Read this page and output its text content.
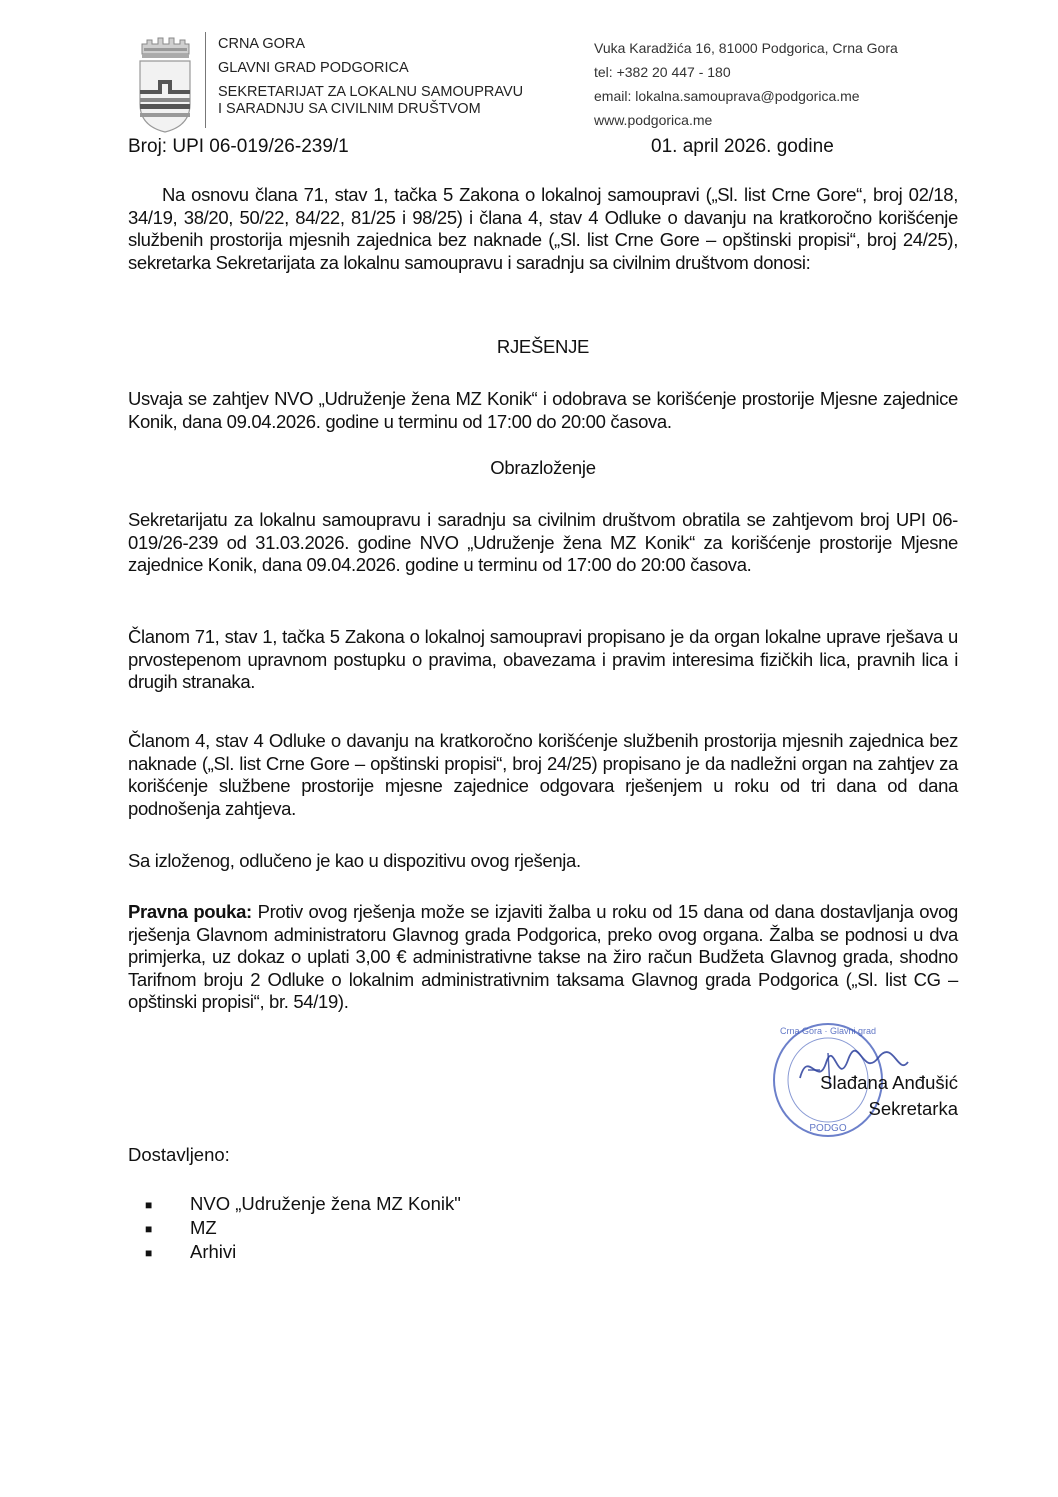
CRNA GORA
GLAVNI GRAD PODGORICA
SEKRETARIJAT ZA LOKALNU SAMOUPRAVU
I SARADNJU SA CIVILNIM DRUŠTVOM
Vuka Karadžića 16, 81000 Podgorica, Crna Gora
tel: +382 20 447 - 180
email: lokalna.samouprava@podgorica.me
www.podgorica.me
Broj: UPI 06-019/26-239/1	01. april 2026. godine
Na osnovu člana 71, stav 1, tačka 5 Zakona o lokalnoj samoupravi („Sl. list Crne Gore“, broj 02/18, 34/19, 38/20, 50/22, 84/22, 81/25 i 98/25) i člana 4, stav 4 Odluke o davanju na kratkoročno korišćenje službenih prostorija mjesnih zajednica bez naknade („Sl. list Crne Gore – opštinski propisi“, broj 24/25), sekretarka Sekretarijata za lokalnu samoupravu i saradnju sa civilnim društvom donosi:
RJEŠENJE
Usvaja se zahtjev NVO „Udruženje žena MZ Konik“ i odobrava se korišćenje prostorije Mjesne zajednice Konik, dana 09.04.2026. godine u terminu od 17:00 do 20:00 časova.
Obrazloženje
Sekretarijatu za lokalnu samoupravu i saradnju sa civilnim društvom obratila se zahtjevom broj UPI 06-019/26-239 od 31.03.2026. godine NVO „Udruženje žena MZ Konik“ za korišćenje prostorije Mjesne zajednice Konik, dana 09.04.2026. godine u terminu od 17:00 do 20:00 časova.
Članom 71, stav 1, tačka 5 Zakona o lokalnoj samoupravi propisano je da organ lokalne uprave rješava u prvostepenom upravnom postupku o pravima, obavezama i pravim interesima fizičkih lica, pravnih lica i drugih stranaka.
Članom 4, stav 4 Odluke o davanju na kratkoročno korišćenje službenih prostorija mjesnih zajednica bez naknade („Sl. list Crne Gore – opštinski propisi“, broj 24/25) propisano je da nadležni organ na zahtjev za korišćenje službene prostorije mjesne zajednice odgovara rješenjem u roku od tri dana od dana podnošenja zahtjeva.
Sa izloženog, odlučeno je kao u dispozitivu ovog rješenja.
Pravna pouka: Protiv ovog rješenja može se izjaviti žalba u roku od 15 dana od dana dostavljanja ovog rješenja Glavnom administratoru Glavnog grada Podgorica, preko ovog organa. Žalba se podnosi u dva primjerka, uz dokaz o uplati 3,00 € administrativne takse na žiro račun Budžeta Glavnog grada, shodno Tarifnom broju 2 Odluke o lokalnim administrativnim taksama Glavnog grada Podgorica („Sl. list CG – opštinski propisi“, br. 54/19).
Crna Gora · Glavni grad
PODGO
Slađana Anđušić
Sekretarka
Dostavljeno:
■ NVO „Udruženje žena MZ Konik"
■ MZ
■ Arhivi
